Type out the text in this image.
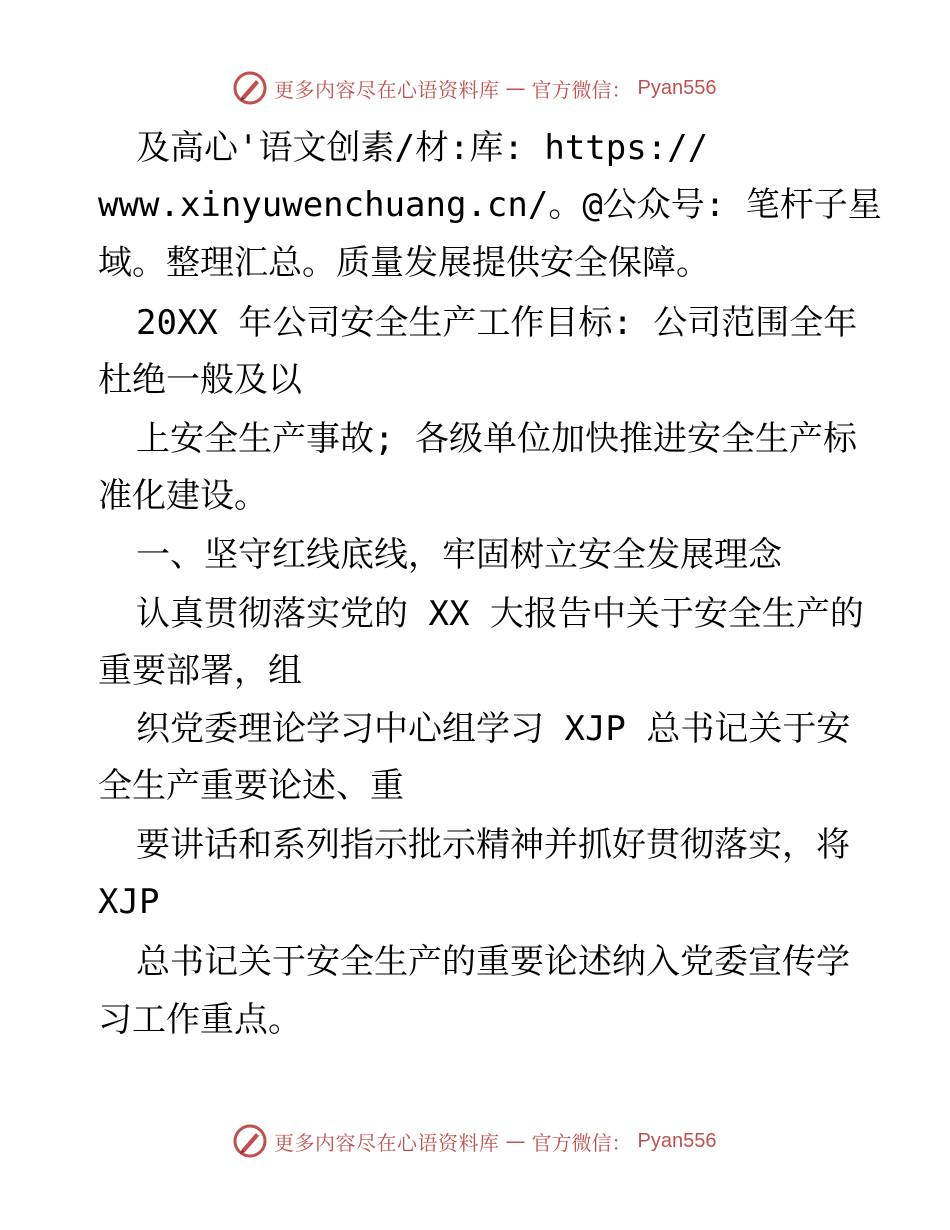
更多内容尽在心语资料库 — 官方微信： Pyan556
及高心'语文创素/材:库: https://
www.xinyuwenchuang.cn/。@公众号: 笔杆子星
域。整理汇总。质量发展提供安全保障。
20XX 年公司安全生产工作目标: 公司范围全年
杜绝一般及以
上安全生产事故; 各级单位加快推进安全生产标
准化建设。
一、坚守红线底线，牢固树立安全发展理念
认真贯彻落实党的 XX 大报告中关于安全生产的
重要部署，组
织党委理论学习中心组学习 XJP 总书记关于安
全生产重要论述、重
要讲话和系列指示批示精神并抓好贯彻落实，将
XJP
总书记关于安全生产的重要论述纳入党委宣传学
习工作重点。
更多内容尽在心语资料库 — 官方微信： Pyan556
